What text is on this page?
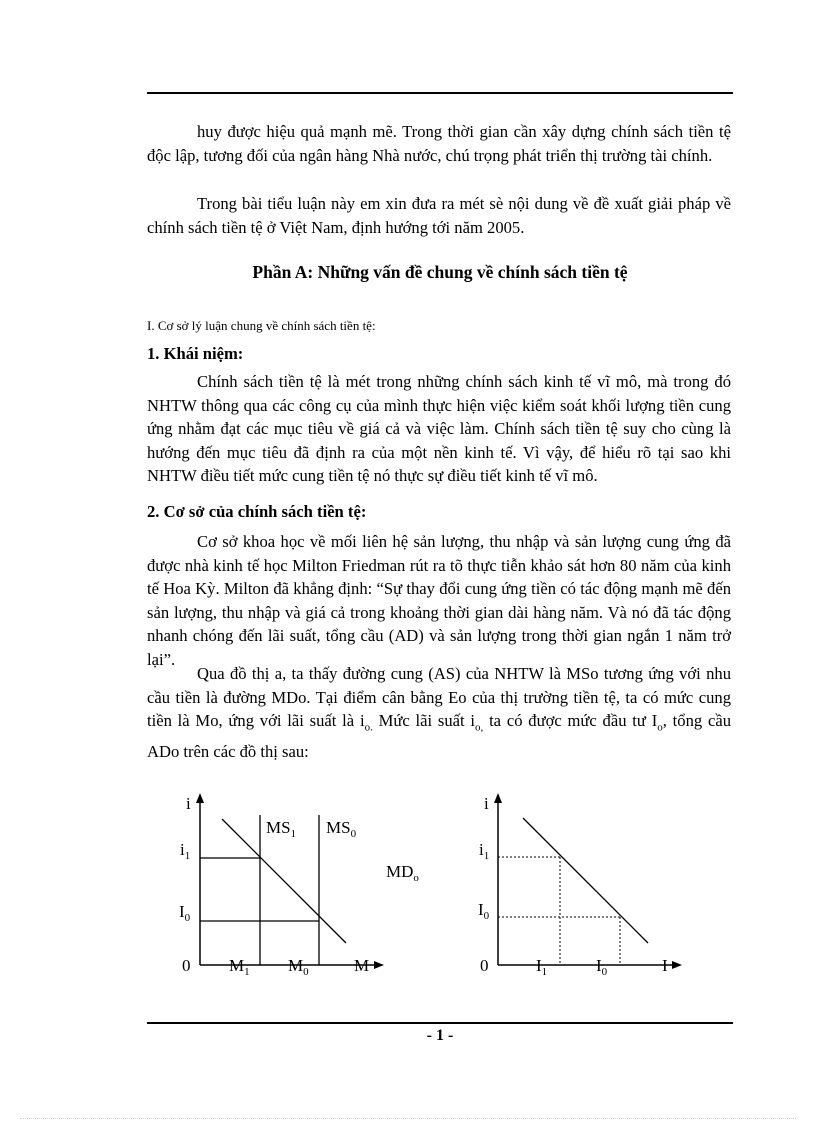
huy được hiệu quả mạnh mẽ. Trong thời gian cần xây dựng chính sách tiền tệ độc lập, tương đối của ngân hàng Nhà nước, chú trọng phát triển thị trường tài chính.

Trong bài tiểu luận này em xin đưa ra mét sè nội dung về đề xuất giải pháp về chính sách tiền tệ ở Việt Nam, định hướng tới năm 2005.

Phần A: Những vấn đề chung về chính sách tiền tệ
I. Cơ sở lý luận chung về chính sách tiền tệ:
1. Khái niệm:

Chính sách tiền tệ là mét trong những chính sách kinh tế vĩ mô, mà trong đó NHTW thông qua các công cụ của mình thực hiện việc kiểm soát khối lượng tiền cung ứng nhằm đạt các mục tiêu về giá cả và việc làm. Chính sách tiền tệ suy cho cùng là hướng đến mục tiêu đã định ra của một nền kinh tế. Vì vậy, để hiểu rõ tại sao khi NHTW điều tiết mức cung tiền tệ nó thực sự điều tiết kinh tế vĩ mô.

2. Cơ sở của chính sách tiền tệ:

Cơ sở khoa học về mối liên hệ sản lượng, thu nhập và sản lượng cung ứng đã được nhà kinh tế học Milton Friedman rút ra tõ thực tiễn khảo sát hơn 80 năm của kinh tế Hoa Kỳ. Milton đã khẳng định: “Sự thay đổi cung ứng tiền có tác động mạnh mẽ đến sản lượng, thu nhập và giá cả trong khoảng thời gian dài hàng năm. Và nó đã tác động nhanh chóng đến lãi suất, tổng cầu (AD) và sản lượng trong thời gian ngắn 1 năm trở lại”.

Qua đồ thị a, ta thấy đường cung (AS) của NHTW là MSo tương ứng với nhu cầu tiền là đường MDo. Tại điểm cân bằng Eo của thị trường tiền tệ, ta có mức cung tiền là Mo, ứng với lãi suất là $i_{o.}$ Mức lãi suất $i_{o,}$ ta có được mức đầu tư $I_o$, tổng cầu ADo trên các đồ thị sau:

i
$MS_1$ $MS_0$
$MD_o$
$i_1$
$I_0$
0 $M_1$ $M_0$	M
i
$i_1$
$I_0$
0	$I_1$	$I_0$	I
- 1 -
